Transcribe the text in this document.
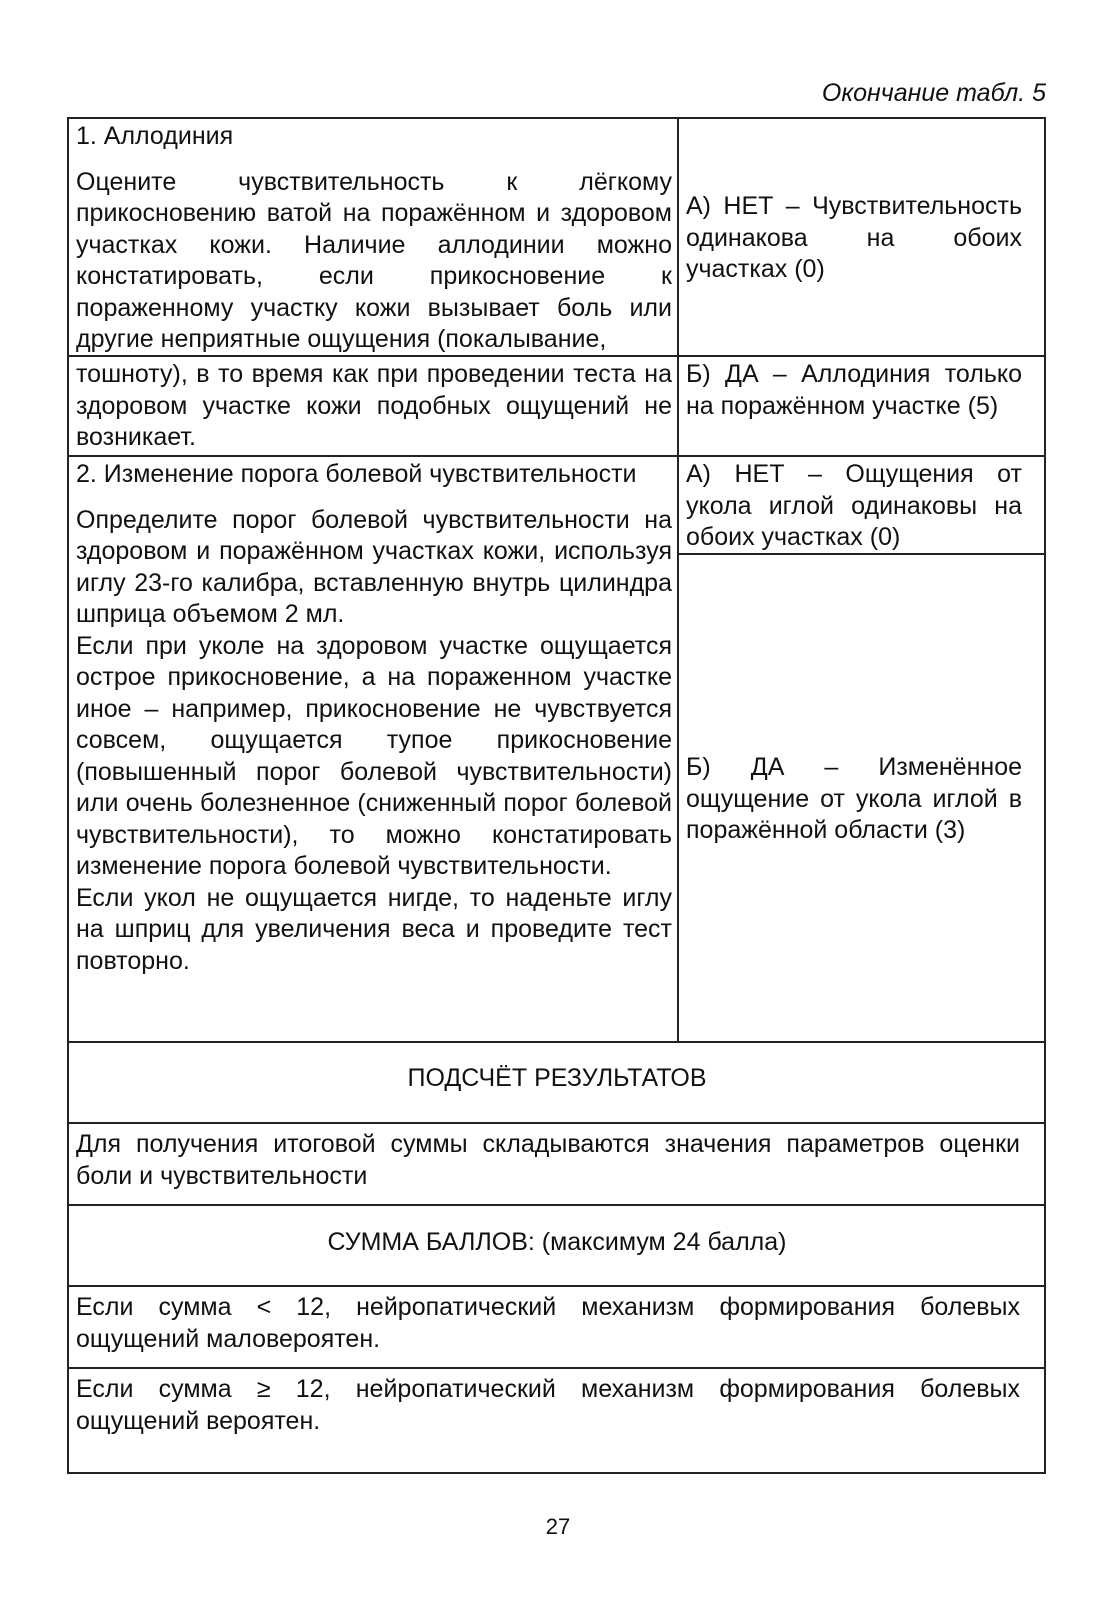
Окончание табл. 5

1. Аллодиния

Оцените чувствительность к лёгкому прикосновению ватой на поражённом и здоровом участках кожи. Наличие аллодинии можно констатировать, если прикосновение к пораженному участку кожи вызывает боль или другие неприятные ощущения (покалывание,

А) НЕТ – Чувствительность одинакова на обоих участках (0)

тошноту), в то время как при проведении теста на здоровом участке кожи подобных ощущений не возникает.

Б) ДА – Аллодиния только на поражённом участке (5)

2. Изменение порога болевой чувствительности

Определите порог болевой чувствительности на здоровом и поражённом участках кожи, используя иглу 23-го калибра, вставленную внутрь цилиндра шприца объемом 2 мл.

Если при уколе на здоровом участке ощущается острое прикосновение, а на пораженном участке иное – например, прикосновение не чувствуется совсем, ощущается тупое прикосновение (повышенный порог болевой чувствительности) или очень болезненное (сниженный порог болевой чувствительности), то можно констатировать изменение порога болевой чувствительности.

Если укол не ощущается нигде, то наденьте иглу на шприц для увеличения веса и проведите тест повторно.

А) НЕТ – Ощущения от укола иглой одинаковы на обоих участках (0)

Б) ДА – Изменённое ощущение от укола иглой в поражённой области (3)

ПОДСЧЁТ РЕЗУЛЬТАТОВ

Для получения итоговой суммы складываются значения параметров оценки боли и чувствительности

СУММА БАЛЛОВ: (максимум 24 балла)

Если сумма < 12, нейропатический механизм формирования болевых ощущений маловероятен.

Если сумма ≥ 12, нейропатический механизм формирования болевых ощущений вероятен.

27
